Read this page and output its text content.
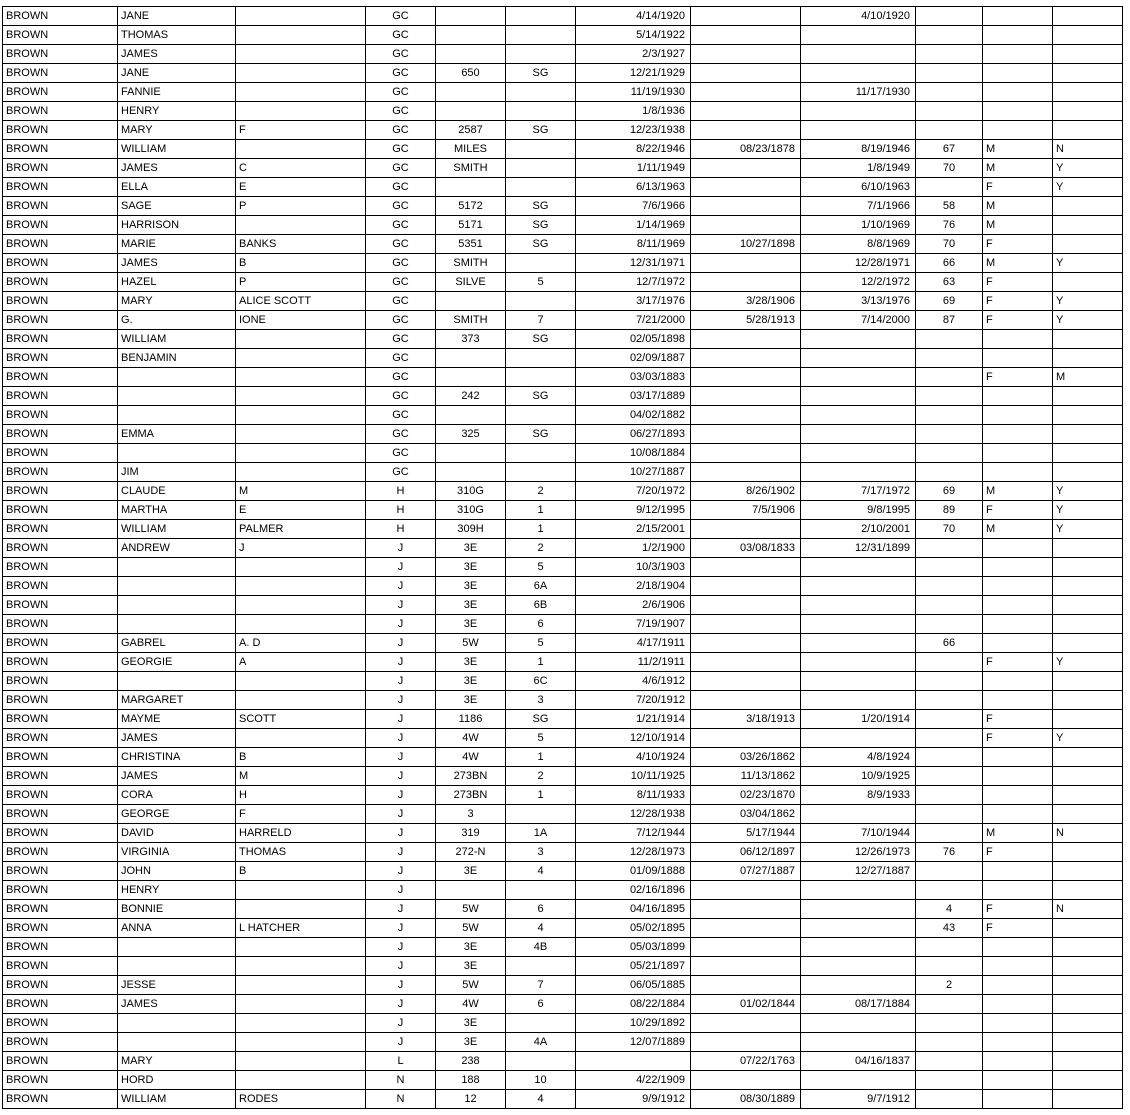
BROWN	JANE		GC			4/14/1920		4/10/1920			
BROWN	THOMAS		GC			5/14/1922					
BROWN	JAMES		GC			2/3/1927					
BROWN	JANE		GC	650	SG	12/21/1929					
BROWN	FANNIE		GC			11/19/1930		11/17/1930			
BROWN	HENRY		GC			1/8/1936					
BROWN	MARY	F	GC	2587	SG	12/23/1938					
BROWN	WILLIAM		GC	MILES		8/22/1946	08/23/1878	8/19/1946	67	M	N
BROWN	JAMES	C	GC	SMITH		1/11/1949		1/8/1949	70	M	Y
BROWN	ELLA	E	GC			6/13/1963		6/10/1963		F	Y
BROWN	SAGE	P	GC	5172	SG	7/6/1966		7/1/1966	58	M	
BROWN	HARRISON		GC	5171	SG	1/14/1969		1/10/1969	76	M	
BROWN	MARIE	BANKS	GC	5351	SG	8/11/1969	10/27/1898	8/8/1969	70	F	
BROWN	JAMES	B	GC	SMITH		12/31/1971		12/28/1971	66	M	Y
BROWN	HAZEL	P	GC	SILVE	5	12/7/1972		12/2/1972	63	F	
BROWN	MARY	ALICE SCOTT	GC			3/17/1976	3/28/1906	3/13/1976	69	F	Y
BROWN	G.	IONE	GC	SMITH	7	7/21/2000	5/28/1913	7/14/2000	87	F	Y
BROWN	WILLIAM		GC	373	SG	02/05/1898					
BROWN	BENJAMIN		GC			02/09/1887					
BROWN			GC			03/03/1883				F	M
BROWN			GC	242	SG	03/17/1889					
BROWN			GC			04/02/1882					
BROWN	EMMA		GC	325	SG	06/27/1893					
BROWN			GC			10/08/1884					
BROWN	JIM		GC			10/27/1887					
BROWN	CLAUDE	M	H	310G	2	7/20/1972	8/26/1902	7/17/1972	69	M	Y
BROWN	MARTHA	E	H	310G	1	9/12/1995	7/5/1906	9/8/1995	89	F	Y
BROWN	WILLIAM	PALMER	H	309H	1	2/15/2001		2/10/2001	70	M	Y
BROWN	ANDREW	J	J	3E	2	1/2/1900	03/08/1833	12/31/1899			
BROWN			J	3E	5	10/3/1903					
BROWN			J	3E	6A	2/18/1904					
BROWN			J	3E	6B	2/6/1906					
BROWN			J	3E	6	7/19/1907					
BROWN	GABREL	A. D	J	5W	5	4/17/1911			66		
BROWN	GEORGIE	A	J	3E	1	11/2/1911				F	Y
BROWN			J	3E	6C	4/6/1912					
BROWN	MARGARET		J	3E	3	7/20/1912					
BROWN	MAYME	SCOTT	J	1186	SG	1/21/1914	3/18/1913	1/20/1914		F	
BROWN	JAMES		J	4W	5	12/10/1914				F	Y
BROWN	CHRISTINA	B	J	4W	1	4/10/1924	03/26/1862	4/8/1924			
BROWN	JAMES	M	J	273BN	2	10/11/1925	11/13/1862	10/9/1925			
BROWN	CORA	H	J	273BN	1	8/11/1933	02/23/1870	8/9/1933			
BROWN	GEORGE	F	J	3		12/28/1938	03/04/1862				
BROWN	DAVID	HARRELD	J	319	1A	7/12/1944	5/17/1944	7/10/1944		M	N
BROWN	VIRGINIA	THOMAS	J	272-N	3	12/28/1973	06/12/1897	12/26/1973	76	F	
BROWN	JOHN	B	J	3E	4	01/09/1888	07/27/1887	12/27/1887			
BROWN	HENRY		J			02/16/1896					
BROWN	BONNIE		J	5W	6	04/16/1895			4	F	N
BROWN	ANNA	L HATCHER	J	5W	4	05/02/1895			43	F	
BROWN			J	3E	4B	05/03/1899					
BROWN			J	3E		05/21/1897					
BROWN	JESSE		J	5W	7	06/05/1885			2		
BROWN	JAMES		J	4W	6	08/22/1884	01/02/1844	08/17/1884			
BROWN			J	3E		10/29/1892					
BROWN			J	3E	4A	12/07/1889					
BROWN	MARY		L	238			07/22/1763	04/16/1837			
BROWN	HORD		N	188	10	4/22/1909					
BROWN	WILLIAM	RODES	N	12	4	9/9/1912	08/30/1889	9/7/1912			
